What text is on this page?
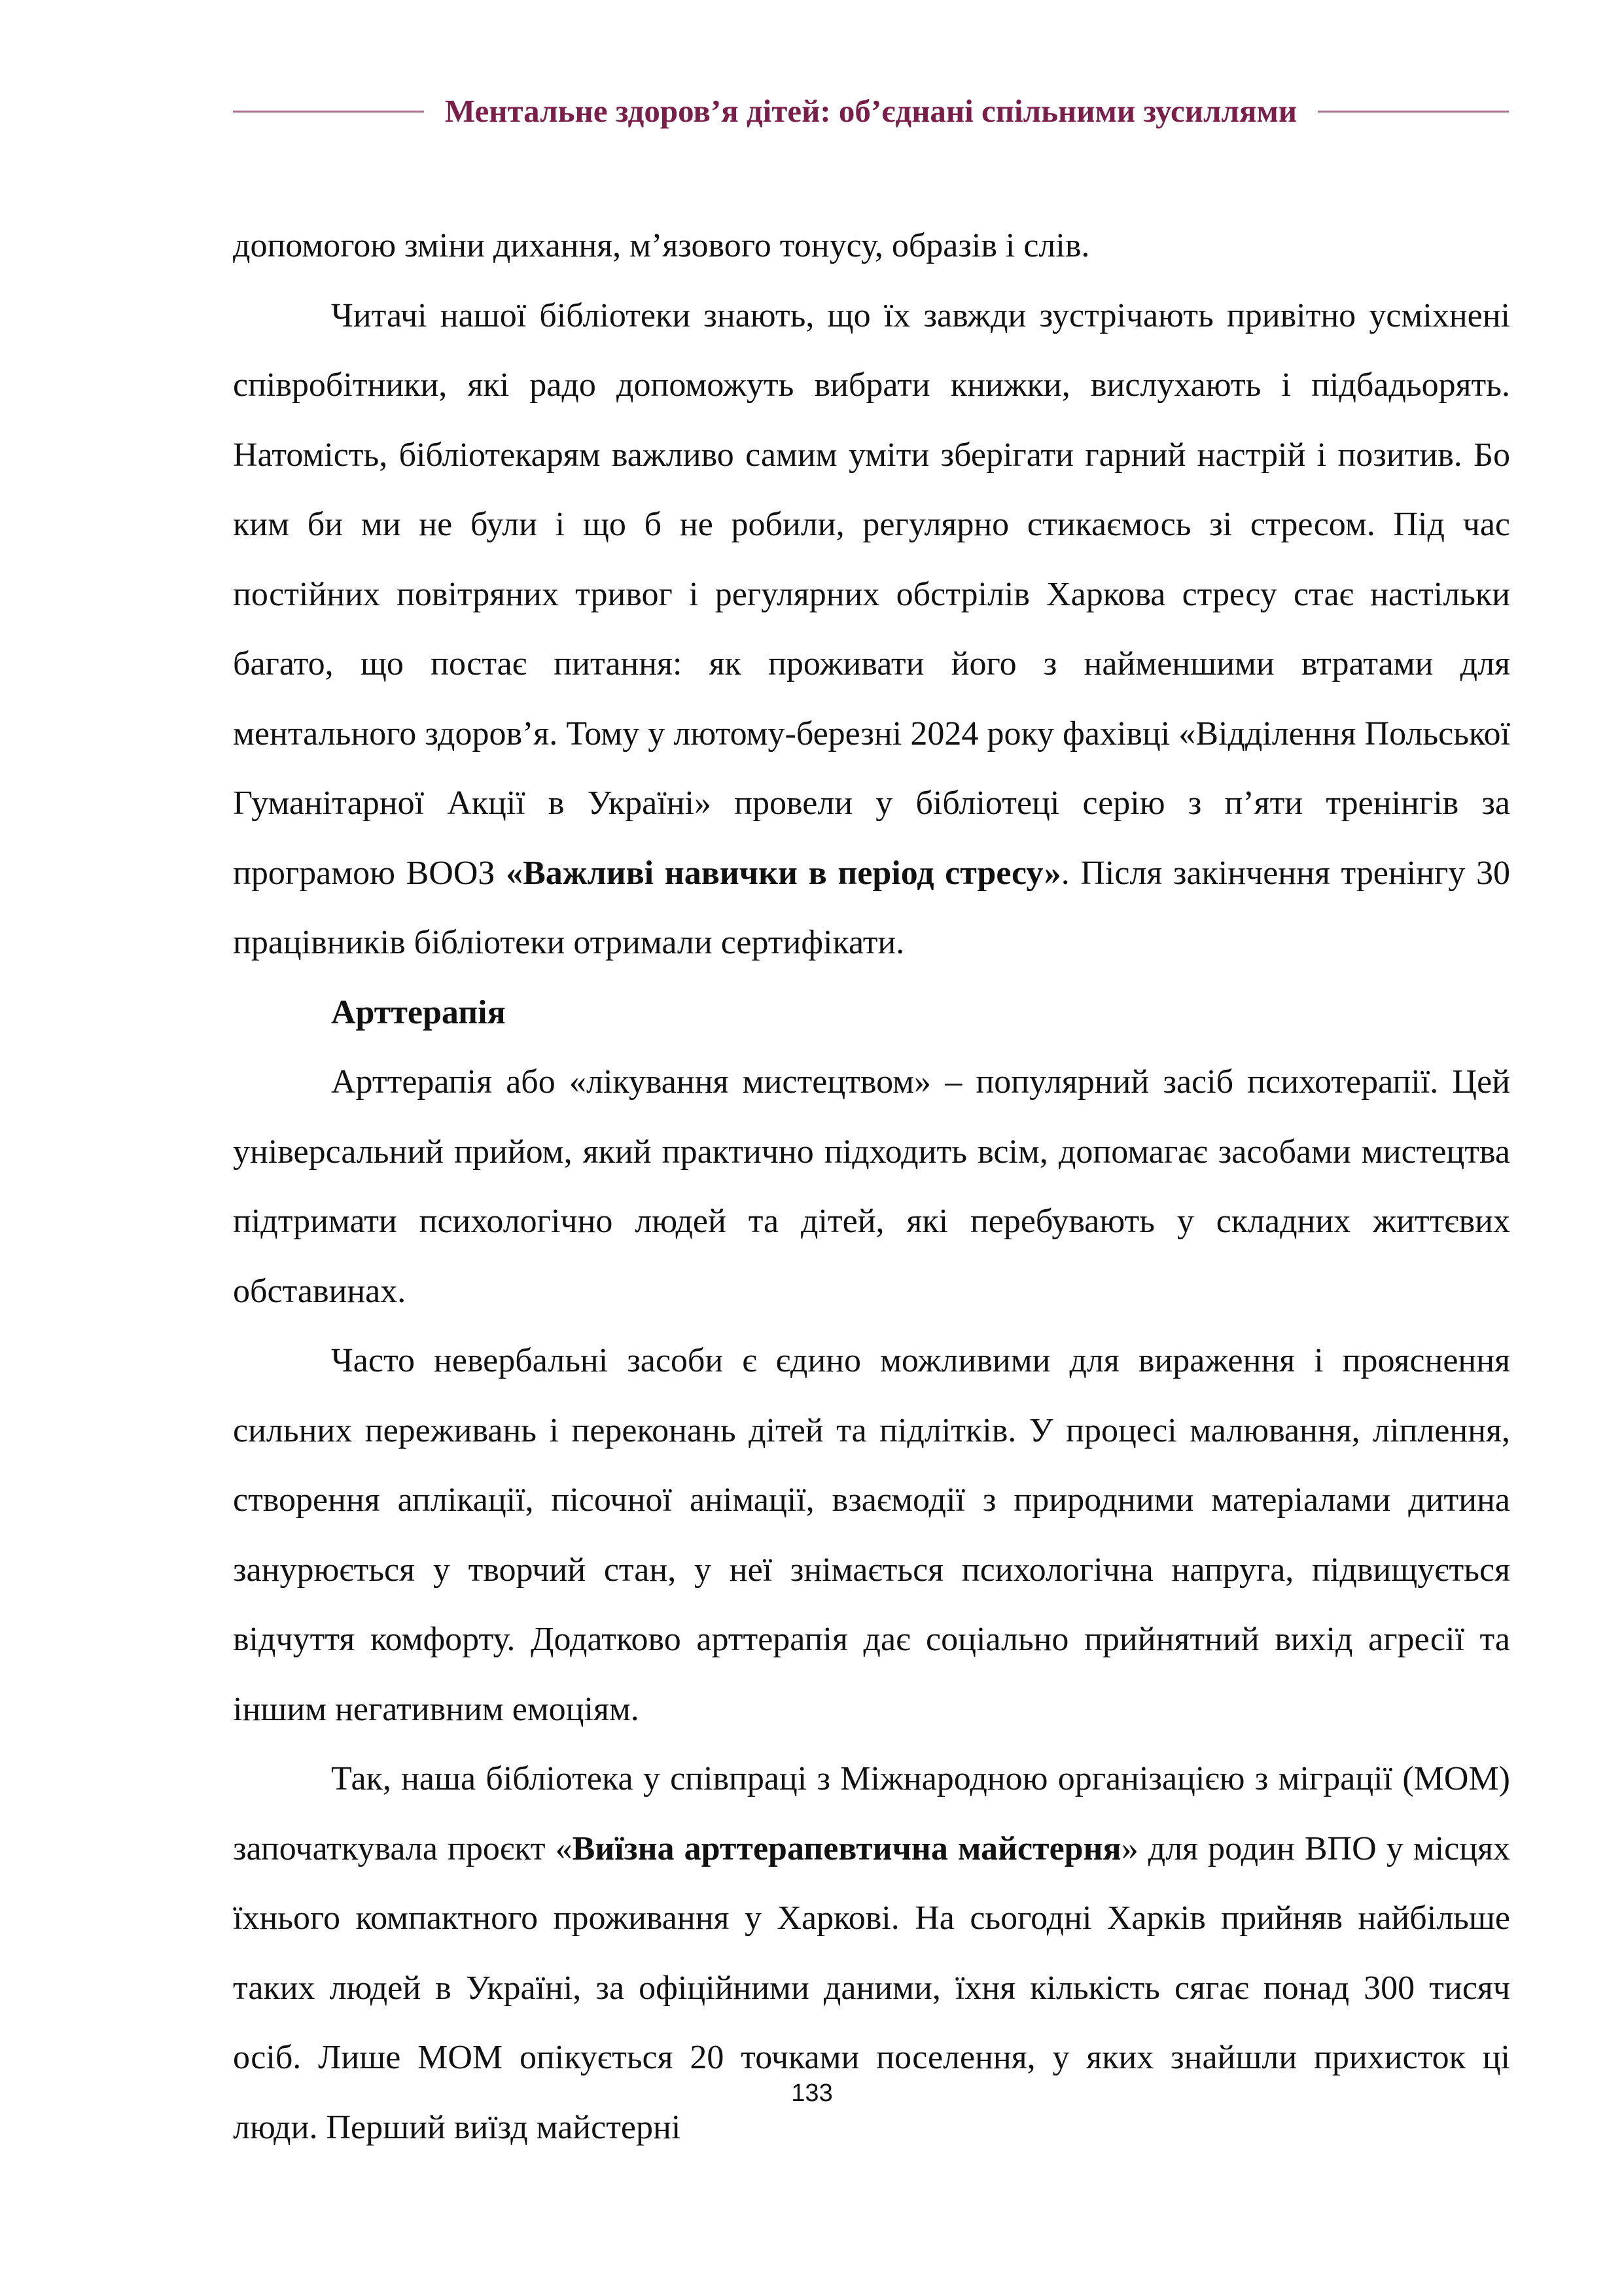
Ментальне здоров’я дітей: об’єднані спільними зусиллями

допомогою зміни дихання, м’язового тонусу, образів і слів.

Читачі нашої бібліотеки знають, що їх завжди зустрічають привітно усміхнені співробітники, які радо допоможуть вибрати книжки, вислухають і підбадьорять. Натомість, бібліотекарям важливо самим уміти зберігати гарний настрій і позитив. Бо ким би ми не були і що б не робили, регулярно стикаємось зі стресом. Під час постійних повітряних тривог і регулярних обстрілів Харкова стресу стає настільки багато, що постає питання: як проживати його з найменшими втратами для ментального здоров’я. Тому у лютому-березні 2024 року фахівці «Відділення Польської Гуманітарної Акції в Україні» провели у бібліотеці серію з п’яти тренінгів за програмою ВООЗ «Важливі навички в період стресу». Після закінчення тренінгу 30 працівників бібліотеки отримали сертифікати.

Арттерапія

Арттерапія або «лікування мистецтвом» – популярний засіб психотерапії. Цей універсальний прийом, який практично підходить всім, допомагає засобами мистецтва підтримати психологічно людей та дітей, які перебувають у складних життєвих обставинах.

Часто невербальні засоби є єдино можливими для вираження і прояснення сильних переживань і переконань дітей та підлітків. У процесі малювання, ліплення, створення аплікації, пісочної анімації, взаємодії з природними матеріалами дитина занурюється у творчий стан, у неї знімається психологічна напруга, підвищується відчуття комфорту. Додатково арттерапія дає соціально прийнятний вихід агресії та іншим негативним емоціям.

Так, наша бібліотека у співпраці з Міжнародною організацією з міграції (МОМ) започаткувала проєкт «Виїзна арттерапевтична майстерня» для родин ВПО у місцях їхнього компактного проживання у Харкові. На сьогодні Харків прийняв найбільше таких людей в Україні, за офіційними даними, їхня кількість сягає понад 300 тисяч осіб. Лише МОМ опікується 20 точками поселення, у яких знайшли прихисток ці люди. Перший виїзд майстерні

133
